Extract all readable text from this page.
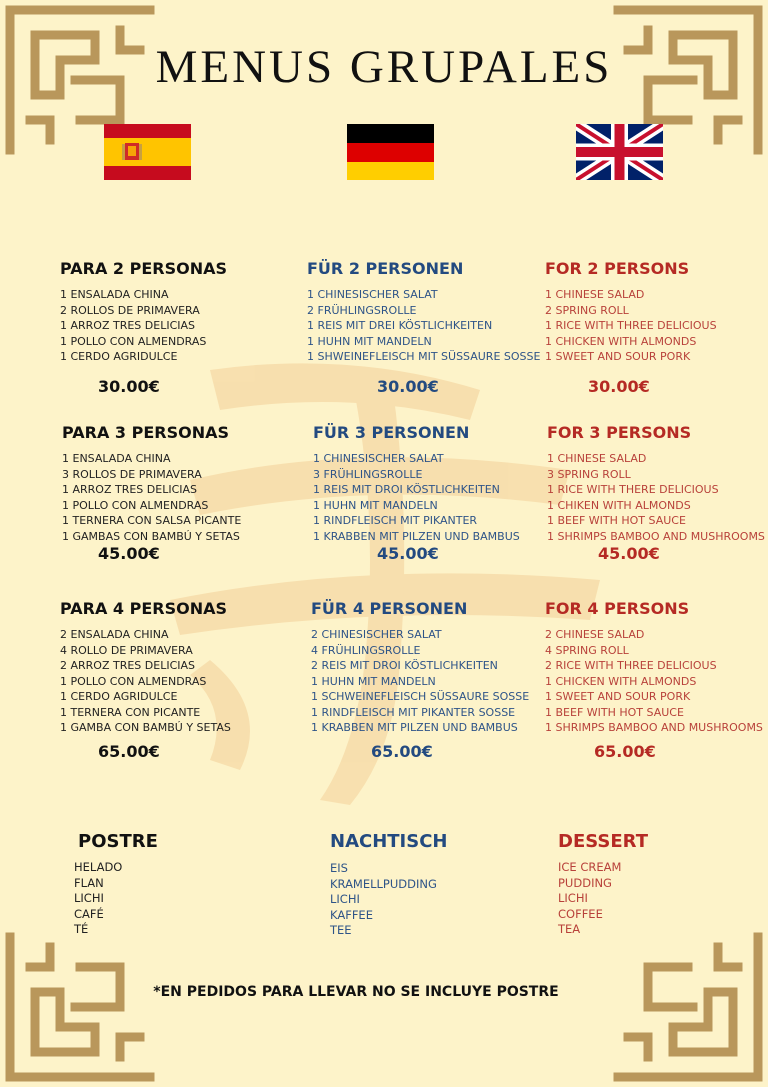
MENUS GRUPALES
PARA 2 PERSONAS
1 ENSALADA CHINA
2 ROLLOS DE PRIMAVERA
1 ARROZ TRES DELICIAS
1 POLLO CON ALMENDRAS
1 CERDO AGRIDULCE
30.00€
PARA 3 PERSONAS
1 ENSALADA CHINA
3 ROLLOS DE PRIMAVERA
1 ARROZ TRES DELICIAS
1 POLLO CON ALMENDRAS
1 TERNERA CON SALSA PICANTE
1 GAMBAS CON BAMBÚ Y SETAS
45.00€
PARA 4 PERSONAS
2 ENSALADA CHINA
4 ROLLO DE PRIMAVERA
2 ARROZ TRES DELICIAS
1 POLLO CON ALMENDRAS
1 CERDO AGRIDULCE
1 TERNERA CON PICANTE
1 GAMBA CON BAMBÚ Y SETAS
65.00€
POSTRE
HELADO
FLAN
LICHI
CAFÉ
TÉ
FÜR 2 PERSONEN
1 CHINESISCHER SALAT
2 FRÜHLINGSROLLE
1 REIS MIT DREI KÖSTLICHKEITEN
1 HUHN MIT MANDELN
1 SHWEINEFLEISCH MIT SÜSSAURE SOSSE
30.00€
FÜR 3 PERSONEN
1 CHINESISCHER SALAT
3 FRÜHLINGSROLLE
1 REIS MIT DROI KÖSTLICHKEITEN
1 HUHN MIT MANDELN
1 RINDFLEISCH MIT PIKANTER
1 KRABBEN MIT PILZEN UND BAMBUS
45.00€
FÜR 4 PERSONEN
2 CHINESISCHER SALAT
4 FRÜHLINGSROLLE
2 REIS MIT DROI KÖSTLICHKEITEN
1 HUHN MIT MANDELN
1 SCHWEINEFLEISCH SÜSSAURE SOSSE
1 RINDFLEISCH MIT PIKANTER SOSSE
1 KRABBEN MIT PILZEN UND BAMBUS
65.00€
NACHTISCH
EIS
KRAMELLPUDDING
LICHI
KAFFEE
TEE
FOR 2 PERSONS
1 CHINESE SALAD
2 SPRING ROLL
1 RICE WITH THREE DELICIOUS
1 CHICKEN WITH ALMONDS
1 SWEET AND SOUR PORK
30.00€
FOR 3 PERSONS
1 CHINESE SALAD
3 SPRING ROLL
1 RICE WITH THERE DELICIOUS
1 CHIKEN WITH ALMONDS
1 BEEF WITH HOT SAUCE
1 SHRIMPS BAMBOO AND MUSHROOMS
45.00€
FOR 4 PERSONS
2 CHINESE SALAD
4 SPRING ROLL
2 RICE WITH THREE DELICIOUS
1 CHICKEN WITH ALMONDS
1 SWEET AND SOUR PORK
1 BEEF WITH HOT SAUCE
1 SHRIMPS BAMBOO AND MUSHROOMS
65.00€
DESSERT
ICE CREAM
PUDDING
LICHI
COFFEE
TEA
*EN PEDIDOS PARA LLEVAR NO SE INCLUYE POSTRE
